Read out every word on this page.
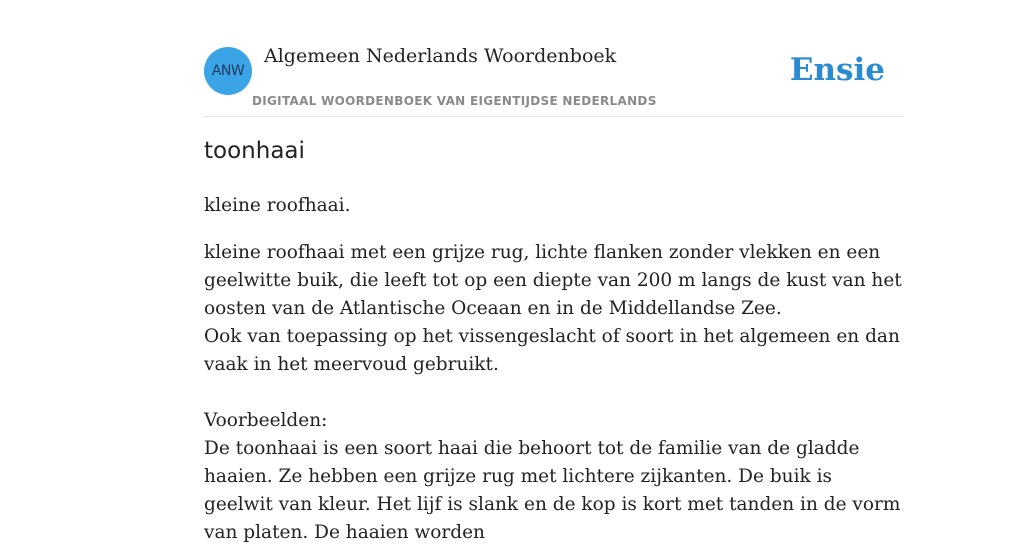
ANW
Algemeen Nederlands Woordenboek
DIGITAAL WOORDENBOEK VAN EIGENTIJDSE NEDERLANDS
Ensie
toonhaai

kleine roofhaai.

kleine roofhaai met een grijze rug, lichte flanken zonder vlekken en een geelwitte buik, die leeft tot op een diepte van 200 m langs de kust van het oosten van de Atlantische Oceaan en in de Middellandse Zee.
Ook van toepassing op het vissengeslacht of soort in het algemeen en dan vaak in het meervoud gebruikt.
Voorbeelden:
De toonhaai is een soort haai die behoort tot de familie van de gladde haaien. Ze hebben een grijze rug met lichtere zijkanten. De buik is geelwit van kleur. Het lijf is slank en de kop is kort met tanden in de vorm van platen. De haaien worden
